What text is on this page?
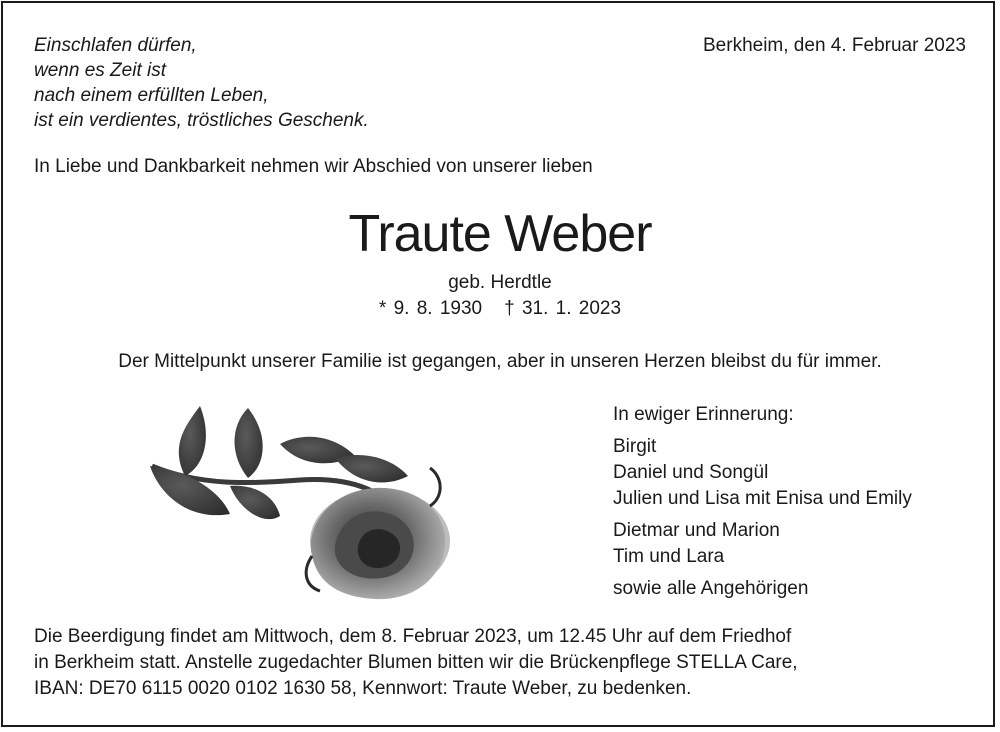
Einschlafen dürfen,
wenn es Zeit ist
nach einem erfüllten Leben,
ist ein verdientes, tröstliches Geschenk.
Berkheim, den 4. Februar 2023
In Liebe und Dankbarkeit nehmen wir Abschied von unserer lieben
Traute Weber
geb. Herdtle
* 9. 8. 1930 † 31. 1. 2023
Der Mittelpunkt unserer Familie ist gegangen, aber in unseren Herzen bleibst du für immer.
In ewiger Erinnerung:
Birgit
Daniel und Songül
Julien und Lisa mit Enisa und Emily
Dietmar und Marion
Tim und Lara
sowie alle Angehörigen
Die Beerdigung findet am Mittwoch, dem 8. Februar 2023, um 12.45 Uhr auf dem Friedhof
in Berkheim statt. Anstelle zugedachter Blumen bitten wir die Brückenpflege STELLA Care,
IBAN: DE70 6115 0020 0102 1630 58, Kennwort: Traute Weber, zu bedenken.
